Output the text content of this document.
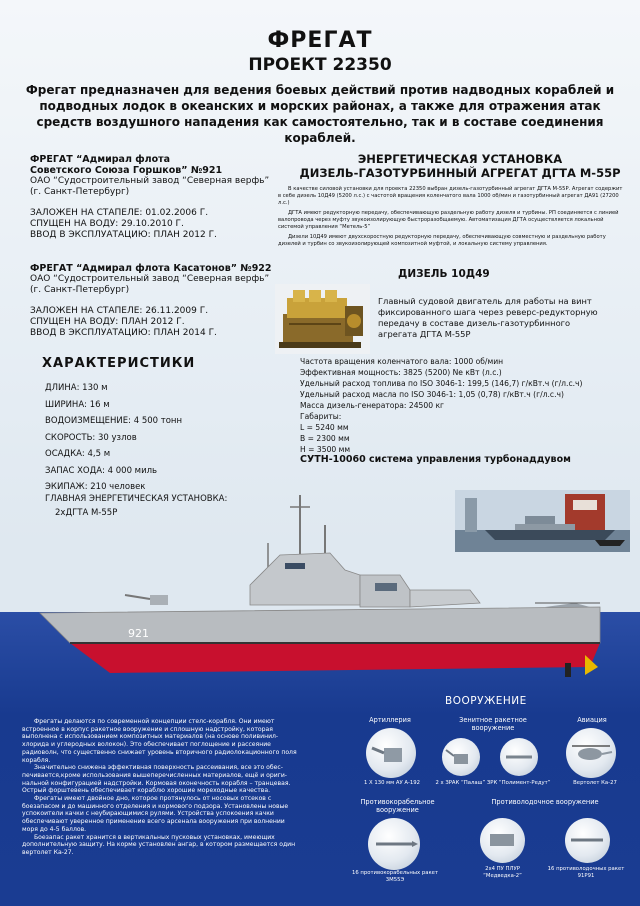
ФРЕГАТ
ПРОЕКТ 22350
Фрегат предназначен для ведения боевых действий против надводных кораблей и подводных лодок в океанских и морских районах, а также для отражения атак средств воздушного нападения как самостоятельно, так и в составе соединения кораблей.
ФРЕГАТ “Адмирал флота
Советского Союза Горшков” №921
ОАО “Судостроительный завод “Северная верфь”
(г. Санкт-Петербург)
ЗАЛОЖЕН НА СТАПЕЛЕ: 01.02.2006 Г.
СПУЩЕН НА ВОДУ: 29.10.2010 Г.
ВВОД В ЭКСПЛУАТАЦИЮ: ПЛАН 2012 Г.
ФРЕГАТ “Адмирал флота Касатонов” №922
ОАО “Судостроительный завод “Северная верфь”
(г. Санкт-Петербург)
ЗАЛОЖЕН НА СТАПЕЛЕ: 26.11.2009 Г.
СПУЩЕН НА ВОДУ: ПЛАН 2012 Г.
ВВОД В ЭКСПЛУАТАЦИЮ: ПЛАН 2014 Г.
ХАРАКТЕРИСТИКИ
ДЛИНА: 130 м
ШИРИНА: 16 м
ВОДОИЗМЕЩЕНИЕ: 4 500 тонн
СКОРОСТЬ: 30 узлов
ОСАДКА: 4,5 м
ЗАПАС ХОДА: 4 000 миль
ЭКИПАЖ: 210 человек
ГЛАВНАЯ ЭНЕРГЕТИЧЕСКАЯ УСТАНОВКА:
2хДГТА М-55Р
ЭНЕРГЕТИЧЕСКАЯ УСТАНОВКА
ДИЗЕЛЬ-ГАЗОТУРБИННЫЙ АГРЕГАТ ДГТА М-55Р

В качестве силовой установки для проекта 22350 выбран дизель-газотурбинный агрегат ДГТА М-55Р. Агрегат содержит в себе дизель 10Д49 (5200 л.с.) с частотой вращения коленчатого вала 1000 об/мин и газотурбинный агрегат ДА91 (27200 л.с.)

ДГТА имеют редукторную передачу, обеспечивающую раздельную работу дизеля и турбины. РП соединяется с линией валопровода через муфту звукоизолирующую быстроразобщаемую. Автоматизация ДГТА осуществляется локальной системой управления “Метель-5”

Дизели 10Д49 имеют двухскоростную редукторную передачу, обеспечивающую совместную и раздельную работу дизелей и турбин со звукоизолирующей композитной муфтой, и локальную систему управления.

ДИЗЕЛЬ 10Д49
Главный судовой двигатель для работы на винт фиксированного шага через реверс-редукторную передачу в составе дизель-газотурбинного агрегата ДГТА М-55Р
Частота вращения коленчатого вала: 1000 об/мин
Эффективная мощность: 3825 (5200) Ne кВт (л.с.)
Удельный расход топлива по ISO 3046-1: 199,5 (146,7) г/кВт.ч (г/л.с.ч)
Удельный расход масла по ISO 3046-1: 1,05 (0,78) г/кВт.ч (г/л.с.ч)
Масса дизель-генератора: 24500 кг
Габариты:
L = 5240 мм
B = 2300 мм
H = 3500 мм
СУТН-10060 система управления турбонаддувом
921

Фрегаты делаются по современной концепции стелс-корабля. Они имеют встроенное в корпус ракетное вооружение и сплошную надстройку, которая выполнена с использованием композитных материалов (на основе поливинил-хлорида и углеродных волокон). Это обеспечивает поглощение и рассеяние радиоволн, что существенно снижает уровень вторичного радиолокационного поля корабля.

Значительно снижена эффективная поверхность рассеивания, все это обес-печивается,кроме использования вышеперечисленных материалов, ещё и ориги-нальной конфигурацией надстройки. Кормовая оконечность корабля – транцевая. Острый форштевень обеспечивает кораблю хорошие мореходные качества.

Фрегаты имеют двойное дно, которое протянулось от носовых отсеков с боезапасом и до машинного отделения и кормового подзора. Установлены новые успокоители качки с неубирающимися рулями. Устройства успокоения качки обеспечивают уверенное применение всего арсенала вооружения при волнении моря до 4-5 баллов.

Боезапас ракет хранится в вертикальных пусковых установках, имеющих дополнительную защиту. На корме установлен ангар, в котором размещается один вертолет Ка-27.

ВООРУЖЕНИЕ
Артиллерия
1 Х 130 мм АУ А-192
Зенитное ракетное вооружение
2 х ЗРАК “Палаш” ЗРК “Полимент-Редут”
Авиация
Вертолет Ка-27
Противокорабельное вооружение
16 противокорабельных ракет 3М55Э
Противолодочное вооружение
2х4 ПУ ПЛУР “Медведка-2”
16 противолодочных ракет 91Р91
